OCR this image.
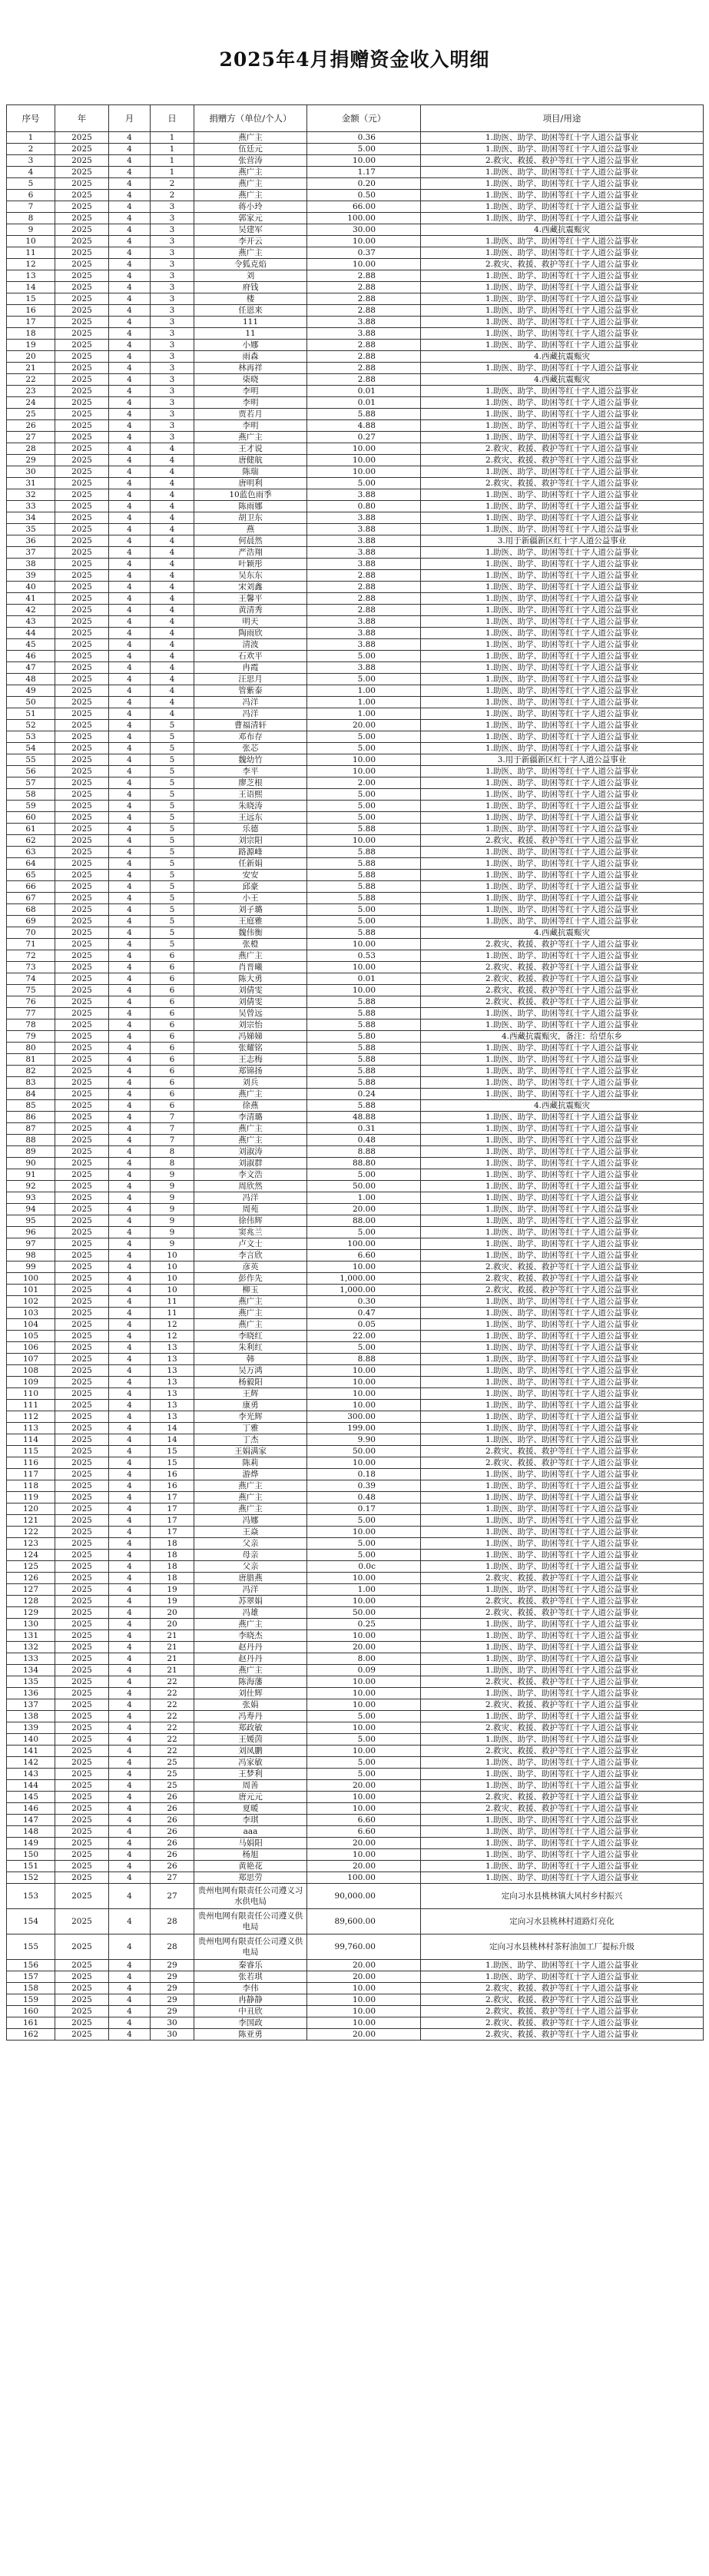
2025年4月捐赠资金收入明细
序号	年	月	日	捐赠方（单位/个人）	金额（元）	项目/用途
1	2025	4	1	燕广主	0.36	1.助医、助学、助困等红十字人道公益事业
2	2025	4	1	伍廷元	5.00	1.助医、助学、助困等红十字人道公益事业
3	2025	4	1	张营涛	10.00	2.救灾、救援、救护等红十字人道公益事业
4	2025	4	1	燕广主	1.17	1.助医、助学、助困等红十字人道公益事业
5	2025	4	2	燕广主	0.20	1.助医、助学、助困等红十字人道公益事业
6	2025	4	2	燕广主	0.50	1.助医、助学、助困等红十字人道公益事业
7	2025	4	3	蒋小玲	66.00	1.助医、助学、助困等红十字人道公益事业
8	2025	4	3	郭家元	100.00	1.助医、助学、助困等红十字人道公益事业
9	2025	4	3	吴建军	30.00	4.西藏抗震赈灾
10	2025	4	3	李开云	10.00	1.助医、助学、助困等红十字人道公益事业
11	2025	4	3	燕广主	0.37	1.助医、助学、助困等红十字人道公益事业
12	2025	4	3	令狐克焰	10.00	2.救灾、救援、救护等红十字人道公益事业
13	2025	4	3	刘	2.88	1.助医、助学、助困等红十字人道公益事业
14	2025	4	3	府钱	2.88	1.助医、助学、助困等红十字人道公益事业
15	2025	4	3	楼	2.88	1.助医、助学、助困等红十字人道公益事业
16	2025	4	3	任恩来	2.88	1.助医、助学、助困等红十字人道公益事业
17	2025	4	3	111	3.88	1.助医、助学、助困等红十字人道公益事业
18	2025	4	3	11	3.88	1.助医、助学、助困等红十字人道公益事业
19	2025	4	3	小娜	2.88	1.助医、助学、助困等红十字人道公益事业
20	2025	4	3	雨森	2.88	4.西藏抗震赈灾
21	2025	4	3	林再祥	2.88	1.助医、助学、助困等红十字人道公益事业
22	2025	4	3	柒晓	2.88	4.西藏抗震赈灾
23	2025	4	3	李明	0.01	1.助医、助学、助困等红十字人道公益事业
24	2025	4	3	李明	0.01	1.助医、助学、助困等红十字人道公益事业
25	2025	4	3	贾若月	5.88	1.助医、助学、助困等红十字人道公益事业
26	2025	4	3	李明	4.88	1.助医、助学、助困等红十字人道公益事业
27	2025	4	3	燕广主	0.27	1.助医、助学、助困等红十字人道公益事业
28	2025	4	4	王才说	10.00	2.救灾、救援、救护等红十字人道公益事业
29	2025	4	4	唐健航	10.00	2.救灾、救援、救护等红十字人道公益事业
30	2025	4	4	陈瑞	10.00	1.助医、助学、助困等红十字人道公益事业
31	2025	4	4	唐明利	5.00	2.救灾、救援、救护等红十字人道公益事业
32	2025	4	4	10蓝色雨季	3.88	1.助医、助学、助困等红十字人道公益事业
33	2025	4	4	陈雨娜	0.80	1.助医、助学、助困等红十字人道公益事业
34	2025	4	4	胡卫东	3.88	1.助医、助学、助困等红十字人道公益事业
35	2025	4	4	燕	3.88	1.助医、助学、助困等红十字人道公益事业
36	2025	4	4	何晨然	3.88	3.用于新疆新区红十字人道公益事业
37	2025	4	4	严浩翔	3.88	1.助医、助学、助困等红十字人道公益事业
38	2025	4	4	叶颖彤	3.88	1.助医、助学、助困等红十字人道公益事业
39	2025	4	4	吴东东	2.88	1.助医、助学、助困等红十字人道公益事业
40	2025	4	4	宋刘鑫	2.88	1.助医、助学、助困等红十字人道公益事业
41	2025	4	4	王馨平	2.88	1.助医、助学、助困等红十字人道公益事业
42	2025	4	4	黄清秀	2.88	1.助医、助学、助困等红十字人道公益事业
43	2025	4	4	明天	3.88	1.助医、助学、助困等红十字人道公益事业
44	2025	4	4	陶雨欣	3.88	1.助医、助学、助困等红十字人道公益事业
45	2025	4	4	清波	3.88	1.助医、助学、助困等红十字人道公益事业
46	2025	4	4	石欢平	5.00	1.助医、助学、助困等红十字人道公益事业
47	2025	4	4	冉霞	3.88	1.助医、助学、助困等红十字人道公益事业
48	2025	4	4	汪思月	5.00	1.助医、助学、助困等红十字人道公益事业
49	2025	4	4	管紫泰	1.00	1.助医、助学、助困等红十字人道公益事业
50	2025	4	4	冯洋	1.00	1.助医、助学、助困等红十字人道公益事业
51	2025	4	4	冯洋	1.00	1.助医、助学、助困等红十字人道公益事业
52	2025	4	5	曹福清轩	20.00	1.助医、助学、助困等红十字人道公益事业
53	2025	4	5	邓布存	5.00	1.助医、助学、助困等红十字人道公益事业
54	2025	4	5	张芯	5.00	1.助医、助学、助困等红十字人道公益事业
55	2025	4	5	魏幼竹	10.00	3.用于新疆新区红十字人道公益事业
56	2025	4	5	李平	10.00	1.助医、助学、助困等红十字人道公益事业
57	2025	4	5	廖芝根	2.00	1.助医、助学、助困等红十字人道公益事业
58	2025	4	5	王语熙	5.00	1.助医、助学、助困等红十字人道公益事业
59	2025	4	5	朱晓涛	5.00	1.助医、助学、助困等红十字人道公益事业
60	2025	4	5	王远东	5.00	1.助医、助学、助困等红十字人道公益事业
61	2025	4	5	乐德	5.88	1.助医、助学、助困等红十字人道公益事业
62	2025	4	5	刘宗阳	10.00	2.救灾、救援、救护等红十字人道公益事业
63	2025	4	5	路源峰	5.88	1.助医、助学、助困等红十字人道公益事业
64	2025	4	5	任新娟	5.88	1.助医、助学、助困等红十字人道公益事业
65	2025	4	5	安安	5.88	1.助医、助学、助困等红十字人道公益事业
66	2025	4	5	邱豪	5.88	1.助医、助学、助困等红十字人道公益事业
67	2025	4	5	小王	5.88	1.助医、助学、助困等红十字人道公益事业
68	2025	4	5	刘子璐	5.00	1.助医、助学、助困等红十字人道公益事业
69	2025	4	5	王庭雅	5.00	1.助医、助学、助困等红十字人道公益事业
70	2025	4	5	魏伟衡	5.88	4.西藏抗震赈灾
71	2025	4	5	张橙	10.00	2.救灾、救援、救护等红十字人道公益事业
72	2025	4	6	燕广主	0.53	1.助医、助学、助困等红十字人道公益事业
73	2025	4	6	肖晋曦	10.00	2.救灾、救援、救护等红十字人道公益事业
74	2025	4	6	陈大勇	0.01	2.救灾、救援、救护等红十字人道公益事业
75	2025	4	6	刘倩雯	10.00	2.救灾、救援、救护等红十字人道公益事业
76	2025	4	6	刘倩雯	5.88	2.救灾、救援、救护等红十字人道公益事业
77	2025	4	6	吴曾远	5.88	1.助医、助学、助困等红十字人道公益事业
78	2025	4	6	刘宗怡	5.88	1.助医、助学、助困等红十字人道公益事业
79	2025	4	6	冯娣娣	5.80	4.西藏抗震赈灾，备注：给望东乡
80	2025	4	6	张耀铭	5.88	1.助医、助学、助困等红十字人道公益事业
81	2025	4	6	王志梅	5.88	1.助医、助学、助困等红十字人道公益事业
82	2025	4	6	郑锦扬	5.88	1.助医、助学、助困等红十字人道公益事业
83	2025	4	6	刘兵	5.88	1.助医、助学、助困等红十字人道公益事业
84	2025	4	6	燕广主	0.24	1.助医、助学、助困等红十字人道公益事业
85	2025	4	6	徐燕	5.88	4.西藏抗震赈灾
86	2025	4	7	李清璐	48.88	1.助医、助学、助困等红十字人道公益事业
87	2025	4	7	燕广主	0.31	1.助医、助学、助困等红十字人道公益事业
88	2025	4	7	燕广主	0.48	1.助医、助学、助困等红十字人道公益事业
89	2025	4	8	刘淑涛	8.88	1.助医、助学、助困等红十字人道公益事业
90	2025	4	8	刘淑群	88.80	1.助医、助学、助困等红十字人道公益事业
91	2025	4	9	李文浩	5.00	1.助医、助学、助困等红十字人道公益事业
92	2025	4	9	周欣然	50.00	1.助医、助学、助困等红十字人道公益事业
93	2025	4	9	冯洋	1.00	1.助医、助学、助困等红十字人道公益事业
94	2025	4	9	周苑	20.00	1.助医、助学、助困等红十字人道公益事业
95	2025	4	9	徐伟辉	88.00	1.助医、助学、助困等红十字人道公益事业
96	2025	4	9	窦兆兰	5.00	1.助医、助学、助困等红十字人道公益事业
97	2025	4	9	卢文士	100.00	1.助医、助学、助困等红十字人道公益事业
98	2025	4	10	李言欣	6.60	1.助医、助学、助困等红十字人道公益事业
99	2025	4	10	彦英	10.00	2.救灾、救援、救护等红十字人道公益事业
100	2025	4	10	彭作先	1,000.00	2.救灾、救援、救护等红十字人道公益事业
101	2025	4	10	柳玉	1,000.00	2.救灾、救援、救护等红十字人道公益事业
102	2025	4	11	燕广主	0.30	1.助医、助学、助困等红十字人道公益事业
103	2025	4	11	燕广主	0.47	1.助医、助学、助困等红十字人道公益事业
104	2025	4	12	燕广主	0.05	1.助医、助学、助困等红十字人道公益事业
105	2025	4	12	李晓红	22.00	1.助医、助学、助困等红十字人道公益事业
106	2025	4	13	朱利红	5.00	1.助医、助学、助困等红十字人道公益事业
107	2025	4	13	韩	8.88	1.助医、助学、助困等红十字人道公益事业
108	2025	4	13	吴万鸿	10.00	1.助医、助学、助困等红十字人道公益事业
109	2025	4	13	杨毅阳	10.00	1.助医、助学、助困等红十字人道公益事业
110	2025	4	13	王辉	10.00	1.助医、助学、助困等红十字人道公益事业
111	2025	4	13	康勇	10.00	1.助医、助学、助困等红十字人道公益事业
112	2025	4	13	李光辉	300.00	1.助医、助学、助困等红十字人道公益事业
113	2025	4	14	丁雅	199.00	1.助医、助学、助困等红十字人道公益事业
114	2025	4	14	丁杰	9.90	1.助医、助学、助困等红十字人道公益事业
115	2025	4	15	王娟满家	50.00	2.救灾、救援、救护等红十字人道公益事业
116	2025	4	15	陈莉	10.00	2.救灾、救援、救护等红十字人道公益事业
117	2025	4	16	游烨	0.18	1.助医、助学、助困等红十字人道公益事业
118	2025	4	16	燕广主	0.39	1.助医、助学、助困等红十字人道公益事业
119	2025	4	17	燕广主	0.48	1.助医、助学、助困等红十字人道公益事业
120	2025	4	17	燕广主	0.17	1.助医、助学、助困等红十字人道公益事业
121	2025	4	17	冯娜	5.00	1.助医、助学、助困等红十字人道公益事业
122	2025	4	17	王焱	10.00	1.助医、助学、助困等红十字人道公益事业
123	2025	4	18	父亲	5.00	1.助医、助学、助困等红十字人道公益事业
124	2025	4	18	母亲	5.00	1.助医、助学、助困等红十字人道公益事业
125	2025	4	18	父亲	0.0c	1.助医、助学、助困等红十字人道公益事业
126	2025	4	18	唐腊燕	10.00	2.救灾、救援、救护等红十字人道公益事业
127	2025	4	19	冯洋	1.00	1.助医、助学、助困等红十字人道公益事业
128	2025	4	19	苏翠娟	10.00	2.救灾、救援、救护等红十字人道公益事业
129	2025	4	20	冯雄	50.00	2.救灾、救援、救护等红十字人道公益事业
130	2025	4	20	燕广主	0.25	1.助医、助学、助困等红十字人道公益事业
131	2025	4	21	李晓杰	10.00	1.助医、助学、助困等红十字人道公益事业
132	2025	4	21	赵丹丹	20.00	1.助医、助学、助困等红十字人道公益事业
133	2025	4	21	赵丹丹	8.00	1.助医、助学、助困等红十字人道公益事业
134	2025	4	21	燕广主	0.09	1.助医、助学、助困等红十字人道公益事业
135	2025	4	22	陈海藩	10.00	2.救灾、救援、救护等红十字人道公益事业
136	2025	4	22	刘仕辉	10.00	1.助医、助学、助困等红十字人道公益事业
137	2025	4	22	张娟	10.00	2.救灾、救援、救护等红十字人道公益事业
138	2025	4	22	冯寿丹	5.00	1.助医、助学、助困等红十字人道公益事业
139	2025	4	22	郑政敏	10.00	2.救灾、救援、救护等红十字人道公益事业
140	2025	4	22	王媛茵	5.00	1.助医、助学、助困等红十字人道公益事业
141	2025	4	22	刘凤鹏	10.00	2.救灾、救援、救护等红十字人道公益事业
142	2025	4	25	冯家敏	5.00	1.助医、助学、助困等红十字人道公益事业
143	2025	4	25	王梦利	5.00	1.助医、助学、助困等红十字人道公益事业
144	2025	4	25	周善	20.00	1.助医、助学、助困等红十字人道公益事业
145	2025	4	26	唐元元	10.00	2.救灾、救援、救护等红十字人道公益事业
146	2025	4	26	夏暖	10.00	2.救灾、救援、救护等红十字人道公益事业
147	2025	4	26	李琪	6.60	1.助医、助学、助困等红十字人道公益事业
148	2025	4	26	aaa	6.60	1.助医、助学、助困等红十字人道公益事业
149	2025	4	26	马娟阳	20.00	1.助医、助学、助困等红十字人道公益事业
150	2025	4	26	杨旭	10.00	1.助医、助学、助困等红十字人道公益事业
151	2025	4	26	黄艳花	20.00	1.助医、助学、助困等红十字人道公益事业
152	2025	4	27	郑思劳	100.00	1.助医、助学、助困等红十字人道公益事业
153	2025	4	27	贵州电网有限责任公司遵义习水供电局	90,000.00	定向习水县桃林镇大风村乡村振兴
154	2025	4	28	贵州电网有限责任公司遵义供电局	89,600.00	定向习水县桃林村道路灯亮化
155	2025	4	28	贵州电网有限责任公司遵义供电局	99,760.00	定向习水县桃林村茶籽油加工厂提标升级
156	2025	4	29	秦睿乐	20.00	1.助医、助学、助困等红十字人道公益事业
157	2025	4	29	张若琪	20.00	1.助医、助学、助困等红十字人道公益事业
158	2025	4	29	李伟	10.00	2.救灾、救援、救护等红十字人道公益事业
159	2025	4	29	冉静静	10.00	2.救灾、救援、救护等红十字人道公益事业
160	2025	4	29	中丑欣	10.00	2.救灾、救援、救护等红十字人道公益事业
161	2025	4	30	李国政	10.00	2.救灾、救援、救护等红十字人道公益事业
162	2025	4	30	陈亚勇	20.00	2.救灾、救援、救护等红十字人道公益事业
